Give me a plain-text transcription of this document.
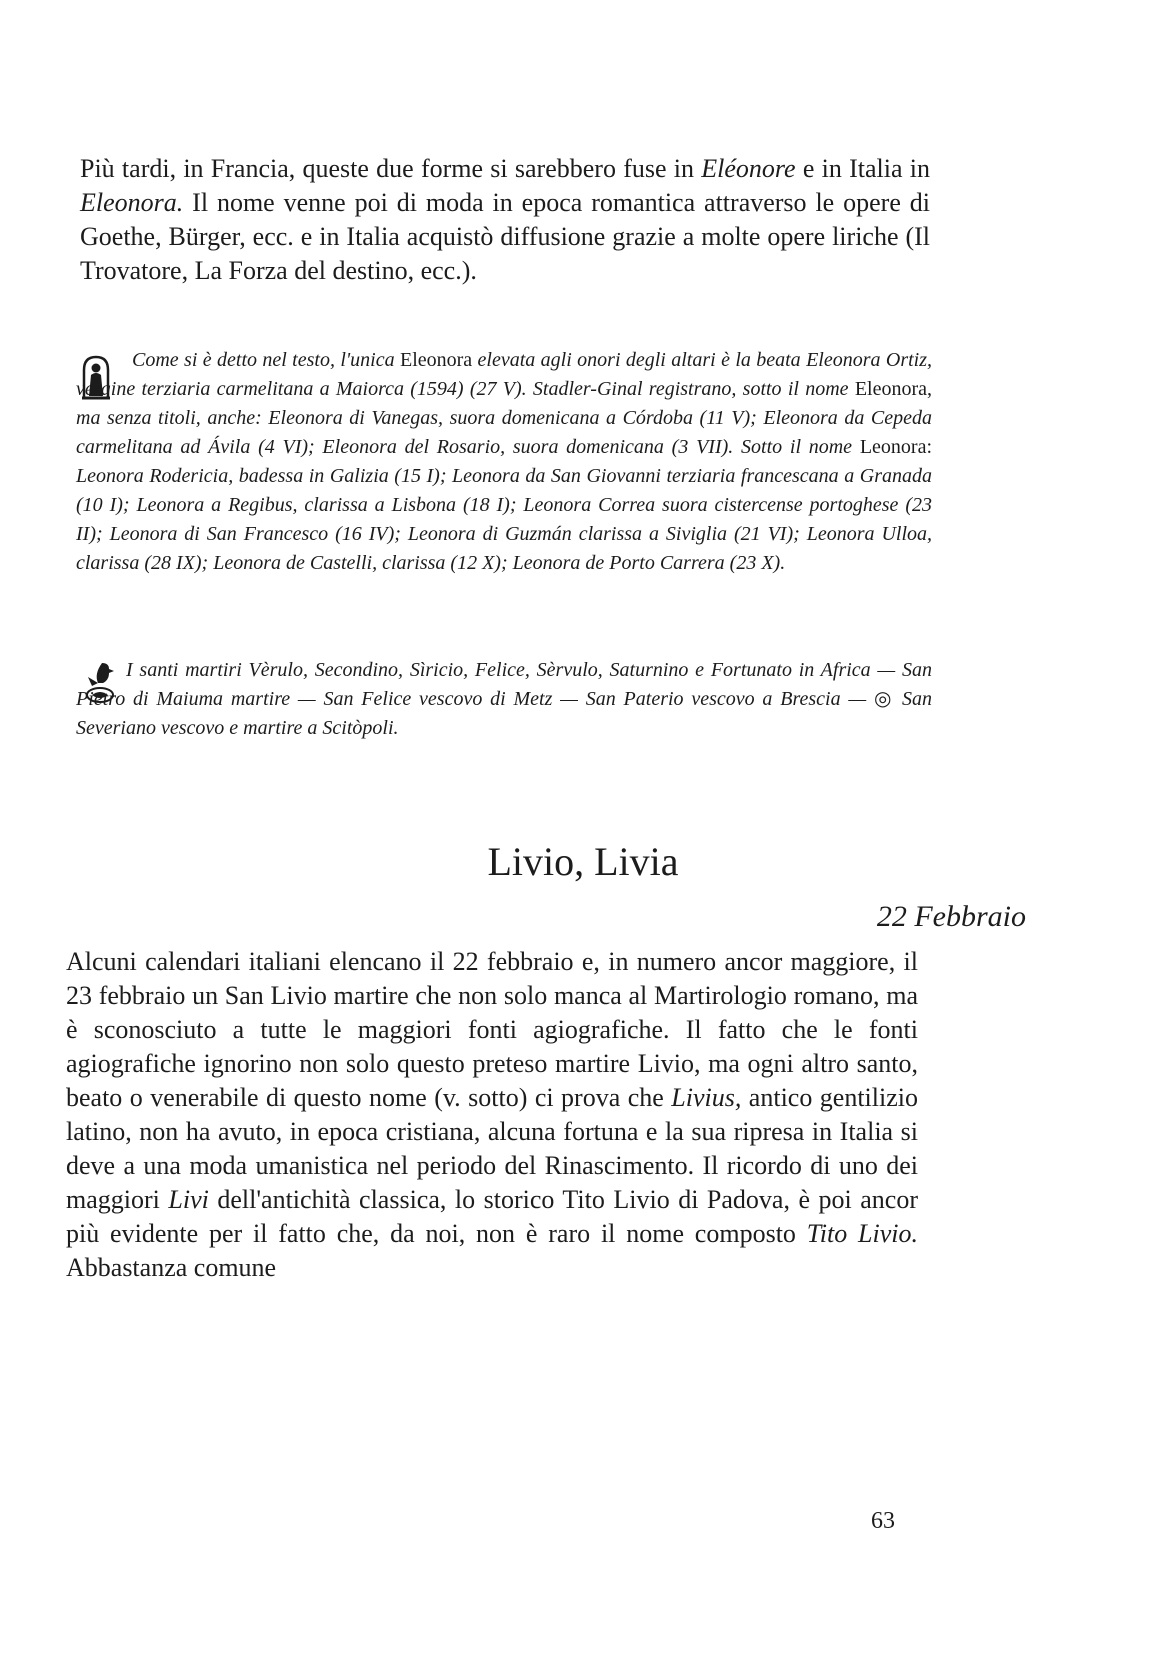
Più tardi, in Francia, queste due forme si sarebbero fuse in Eléonore e in Italia in Eleonora. Il nome venne poi di moda in epoca romantica attraverso le opere di Goethe, Bürger, ecc. e in Italia acquistò diffusione grazie a molte opere liriche (Il Trovatore, La Forza del destino, ecc.).

Come si è detto nel testo, l'unica Eleonora elevata agli onori degli altari è la beata Eleonora Ortiz, vergine terziaria carmelitana a Maiorca (1594) (27 V). Stadler-Ginal registrano, sotto il nome Eleonora, ma senza titoli, anche: Eleonora di Vanegas, suora domenicana a Córdoba (11 V); Eleonora da Cepeda carmelitana ad Ávila (4 VI); Eleonora del Rosario, suora domenicana (3 VII). Sotto il nome Leonora: Leonora Rodericia, badessa in Galizia (15 I); Leonora da San Giovanni terziaria francescana a Granada (10 I); Leonora a Regibus, clarissa a Lisbona (18 I); Leonora Correa suora cistercense portoghese (23 II); Leonora di San Francesco (16 IV); Leonora di Guzmán clarissa a Siviglia (21 VI); Leonora Ulloa, clarissa (28 IX); Leonora de Castelli, clarissa (12 X); Leonora de Porto Carrera (23 X).

I santi martiri Vèrulo, Secondino, Sìricio, Felice, Sèrvulo, Saturnino e Fortunato in Africa — San Pietro di Maiuma martire — San Felice vescovo di Metz — San Paterio vescovo a Brescia — ◎ San Severiano vescovo e martire a Scitòpoli.

Livio, Livia

22 Febbraio

Alcuni calendari italiani elencano il 22 febbraio e, in numero ancor maggiore, il 23 febbraio un San Livio martire che non solo manca al Martirologio romano, ma è sconosciuto a tutte le maggiori fonti agiografiche. Il fatto che le fonti agiografiche ignorino non solo questo preteso martire Livio, ma ogni altro santo, beato o venerabile di questo nome (v. sotto) ci prova che Livius, antico gentilizio latino, non ha avuto, in epoca cristiana, alcuna fortuna e la sua ripresa in Italia si deve a una moda umanistica nel periodo del Rinascimento. Il ricordo di uno dei maggiori Livi dell'antichità classica, lo storico Tito Livio di Padova, è poi ancor più evidente per il fatto che, da noi, non è raro il nome composto Tito Livio. Abbastanza comune

63
